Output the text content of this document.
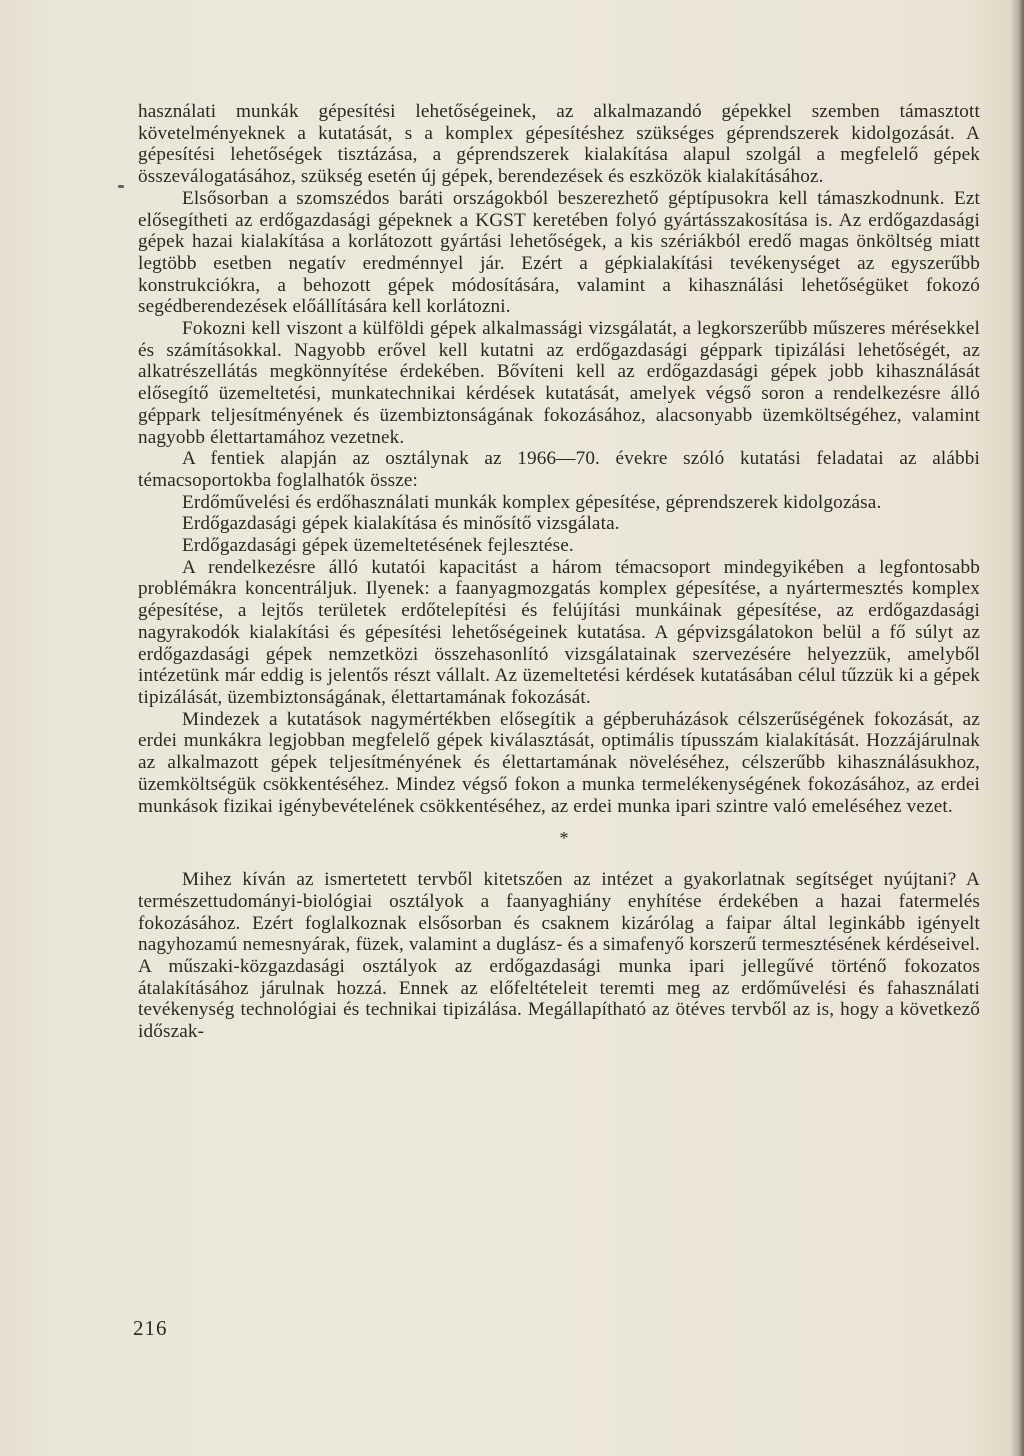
használati munkák gépesítési lehetőségeinek, az alkalmazandó gépekkel szemben támasztott követelményeknek a kutatását, s a komplex gépesítéshez szükséges géprendszerek kidolgozását. A gépesítési lehetőségek tisztázása, a géprendszerek kialakítása alapul szolgál a megfelelő gépek összeválogatásához, szükség esetén új gépek, berendezések és eszközök kialakításához.

Elsősorban a szomszédos baráti országokból beszerezhető géptípusokra kell támaszkodnunk. Ezt elősegítheti az erdőgazdasági gépeknek a KGST keretében folyó gyártásszakosítása is. Az erdőgazdasági gépek hazai kialakítása a korlátozott gyártási lehetőségek, a kis szériákból eredő magas önköltség miatt legtöbb esetben negatív eredménnyel jár. Ezért a gépkialakítási tevékenységet az egyszerűbb konstrukciókra, a behozott gépek módosítására, valamint a kihasználási lehetőségüket fokozó segédberendezések előállítására kell korlátozni.

Fokozni kell viszont a külföldi gépek alkalmassági vizsgálatát, a legkorszerűbb műszeres mérésekkel és számításokkal. Nagyobb erővel kell kutatni az erdőgazdasági géppark tipizálási lehetőségét, az alkatrészellátás megkönnyítése érdekében. Bővíteni kell az erdőgazdasági gépek jobb kihasználását elősegítő üzemeltetési, munkatechnikai kérdések kutatását, amelyek végső soron a rendelkezésre álló géppark teljesítményének és üzembiztonságának fokozásához, alacsonyabb üzemköltségéhez, valamint nagyobb élettartamához vezetnek.

A fentiek alapján az osztálynak az 1966—70. évekre szóló kutatási feladatai az alábbi témacsoportokba foglalhatók össze:

Erdőművelési és erdőhasználati munkák komplex gépesítése, géprendszerek kidolgozása.

Erdőgazdasági gépek kialakítása és minősítő vizsgálata.

Erdőgazdasági gépek üzemeltetésének fejlesztése.

A rendelkezésre álló kutatói kapacitást a három témacsoport mindegyikében a legfontosabb problémákra koncentráljuk. Ilyenek: a faanyagmozgatás komplex gépesítése, a nyártermesztés komplex gépesítése, a lejtős területek erdőtelepítési és felújítási munkáinak gépesítése, az erdőgazdasági nagyrakodók kialakítási és gépesítési lehetőségeinek kutatása. A gépvizsgálatokon belül a fő súlyt az erdőgazdasági gépek nemzetközi összehasonlító vizsgálatainak szervezésére helyezzük, amelyből intézetünk már eddig is jelentős részt vállalt. Az üzemeltetési kérdések kutatásában célul tűzzük ki a gépek tipizálását, üzembiztonságának, élettartamának fokozását.

Mindezek a kutatások nagymértékben elősegítik a gépberuházások célszerűségének fokozását, az erdei munkákra legjobban megfelelő gépek kiválasztását, optimális típusszám kialakítását. Hozzájárulnak az alkalmazott gépek teljesítményének és élettartamának növeléséhez, célszerűbb kihasználásukhoz, üzemköltségük csökkentéséhez. Mindez végső fokon a munka termelékenységének fokozásához, az erdei munkások fizikai igénybevételének csökkentéséhez, az erdei munka ipari szintre való emeléséhez vezet.

*

Mihez kíván az ismertetett tervből kitetszően az intézet a gyakorlatnak segítséget nyújtani? A természettudományi-biológiai osztályok a faanyaghiány enyhítése érdekében a hazai fatermelés fokozásához. Ezért foglalkoznak elsősorban és csaknem kizárólag a faipar által leginkább igényelt nagyhozamú nemesnyárak, füzek, valamint a duglász- és a simafenyő korszerű termesztésének kérdéseivel. A műszaki-közgazdasági osztályok az erdőgazdasági munka ipari jellegűvé történő fokozatos átalakításához járulnak hozzá. Ennek az előfeltételeit teremti meg az erdőművelési és fahasználati tevékenység technológiai és technikai tipizálása. Megállapítható az ötéves tervből az is, hogy a következő időszak-

216
